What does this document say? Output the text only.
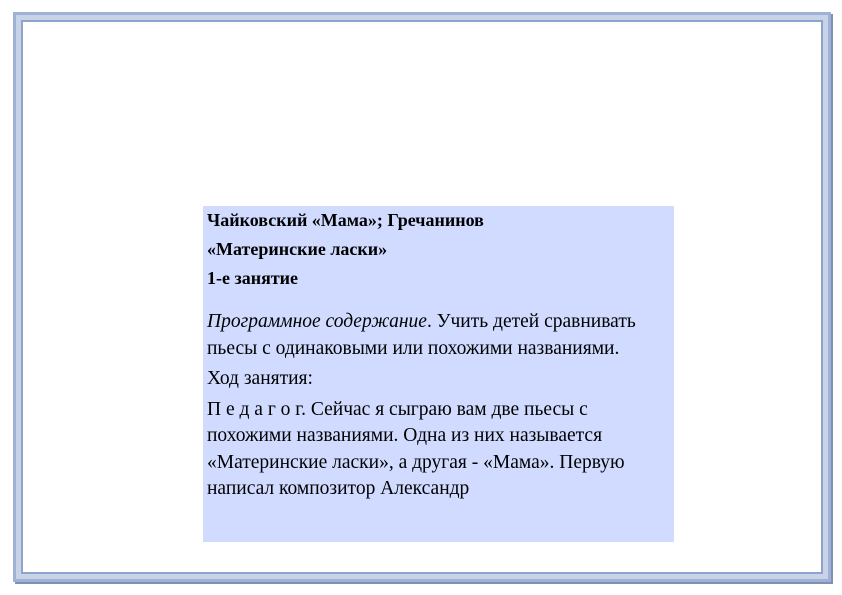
Чайковский «Мама»; Гречанинов
«Материнские ласки»
1-е занятие
Программное содержание. Учить детей сравнивать пьесы с одинаковыми или похожими названиями.
Ход занятия:
П е д а г о г. Сейчас я сыграю вам две пьесы с похожими названиями. Одна из них называется «Материнские ласки», а другая - «Мама». Первую написал композитор Александр
